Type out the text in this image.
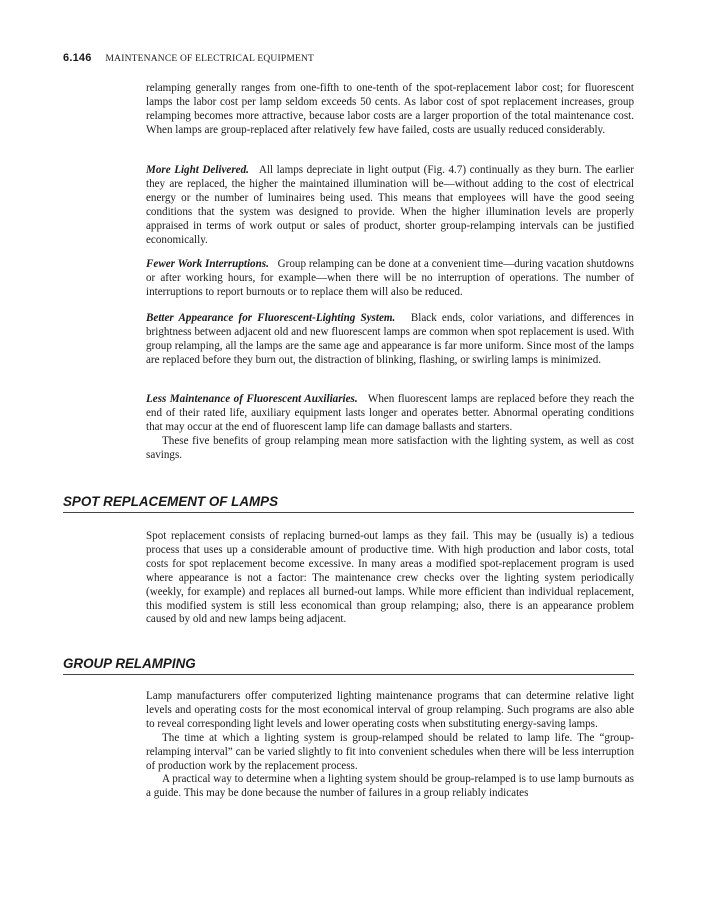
6.146 MAINTENANCE OF ELECTRICAL EQUIPMENT

relamping generally ranges from one-fifth to one-tenth of the spot-replacement labor cost; for fluorescent lamps the labor cost per lamp seldom exceeds 50 cents. As labor cost of spot replacement increases, group relamping becomes more attractive, because labor costs are a larger proportion of the total maintenance cost. When lamps are group-replaced after relatively few have failed, costs are usually reduced considerably.

More Light Delivered. All lamps depreciate in light output (Fig. 4.7) continually as they burn. The earlier they are replaced, the higher the maintained illumination will be—without adding to the cost of electrical energy or the number of luminaires being used. This means that employees will have the good seeing conditions that the system was designed to provide. When the higher illumination levels are properly appraised in terms of work output or sales of product, shorter group-relamping intervals can be justified economically.

Fewer Work Interruptions. Group relamping can be done at a convenient time—during vacation shutdowns or after working hours, for example—when there will be no interruption of operations. The number of interruptions to report burnouts or to replace them will also be reduced.

Better Appearance for Fluorescent-Lighting System. Black ends, color variations, and differences in brightness between adjacent old and new fluorescent lamps are common when spot replacement is used. With group relamping, all the lamps are the same age and appearance is far more uniform. Since most of the lamps are replaced before they burn out, the distraction of blinking, flashing, or swirling lamps is minimized.

Less Maintenance of Fluorescent Auxiliaries. When fluorescent lamps are replaced before they reach the end of their rated life, auxiliary equipment lasts longer and operates better. Abnormal operating conditions that may occur at the end of fluorescent lamp life can damage ballasts and starters.

These five benefits of group relamping mean more satisfaction with the lighting system, as well as cost savings.

SPOT REPLACEMENT OF LAMPS

Spot replacement consists of replacing burned-out lamps as they fail. This may be (usually is) a tedious process that uses up a considerable amount of productive time. With high production and labor costs, total costs for spot replacement become excessive. In many areas a modified spot-replacement program is used where appearance is not a factor: The maintenance crew checks over the lighting system periodically (weekly, for example) and replaces all burned-out lamps. While more efficient than individual replacement, this modified system is still less economical than group relamping; also, there is an appearance problem caused by old and new lamps being adjacent.

GROUP RELAMPING

Lamp manufacturers offer computerized lighting maintenance programs that can determine relative light levels and operating costs for the most economical interval of group relamping. Such programs are also able to reveal corresponding light levels and lower operating costs when substituting energy-saving lamps.

The time at which a lighting system is group-relamped should be related to lamp life. The “group-relamping interval” can be varied slightly to fit into convenient schedules when there will be less interruption of production work by the replacement process.

A practical way to determine when a lighting system should be group-relamped is to use lamp burnouts as a guide. This may be done because the number of failures in a group reliably indicates
